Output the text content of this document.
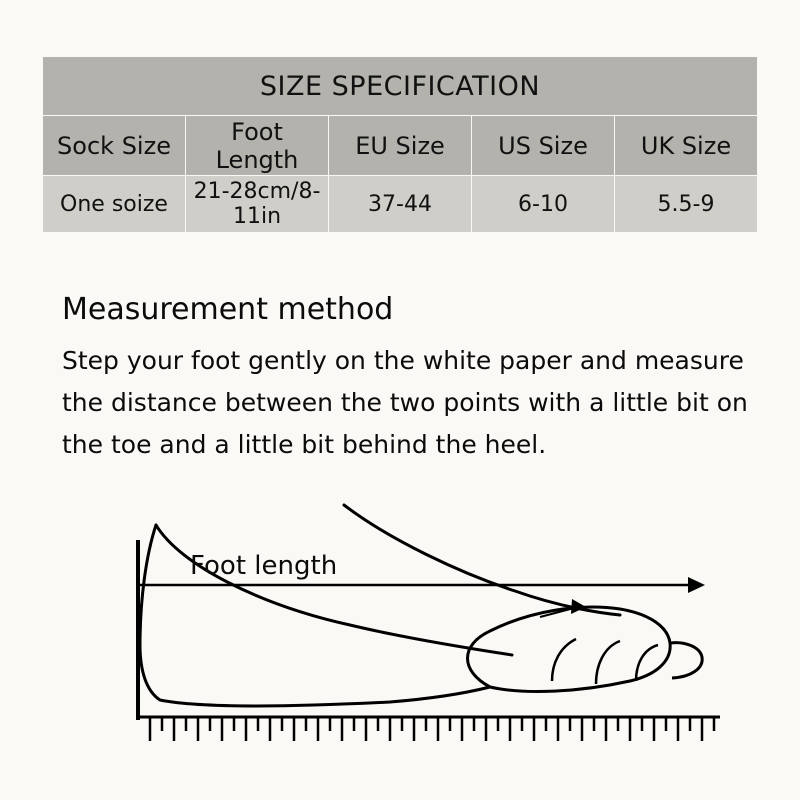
SIZE SPECIFICATION				
Sock Size	Foot Length	EU Size	US Size	UK Size
One soize	21-28cm/8-11in	37-44	6-10	5.5-9
Measurement method
Step your foot gently on the white paper and measure the distance between the two points with a little bit on the toe and a little bit behind the heel.
Foot length
